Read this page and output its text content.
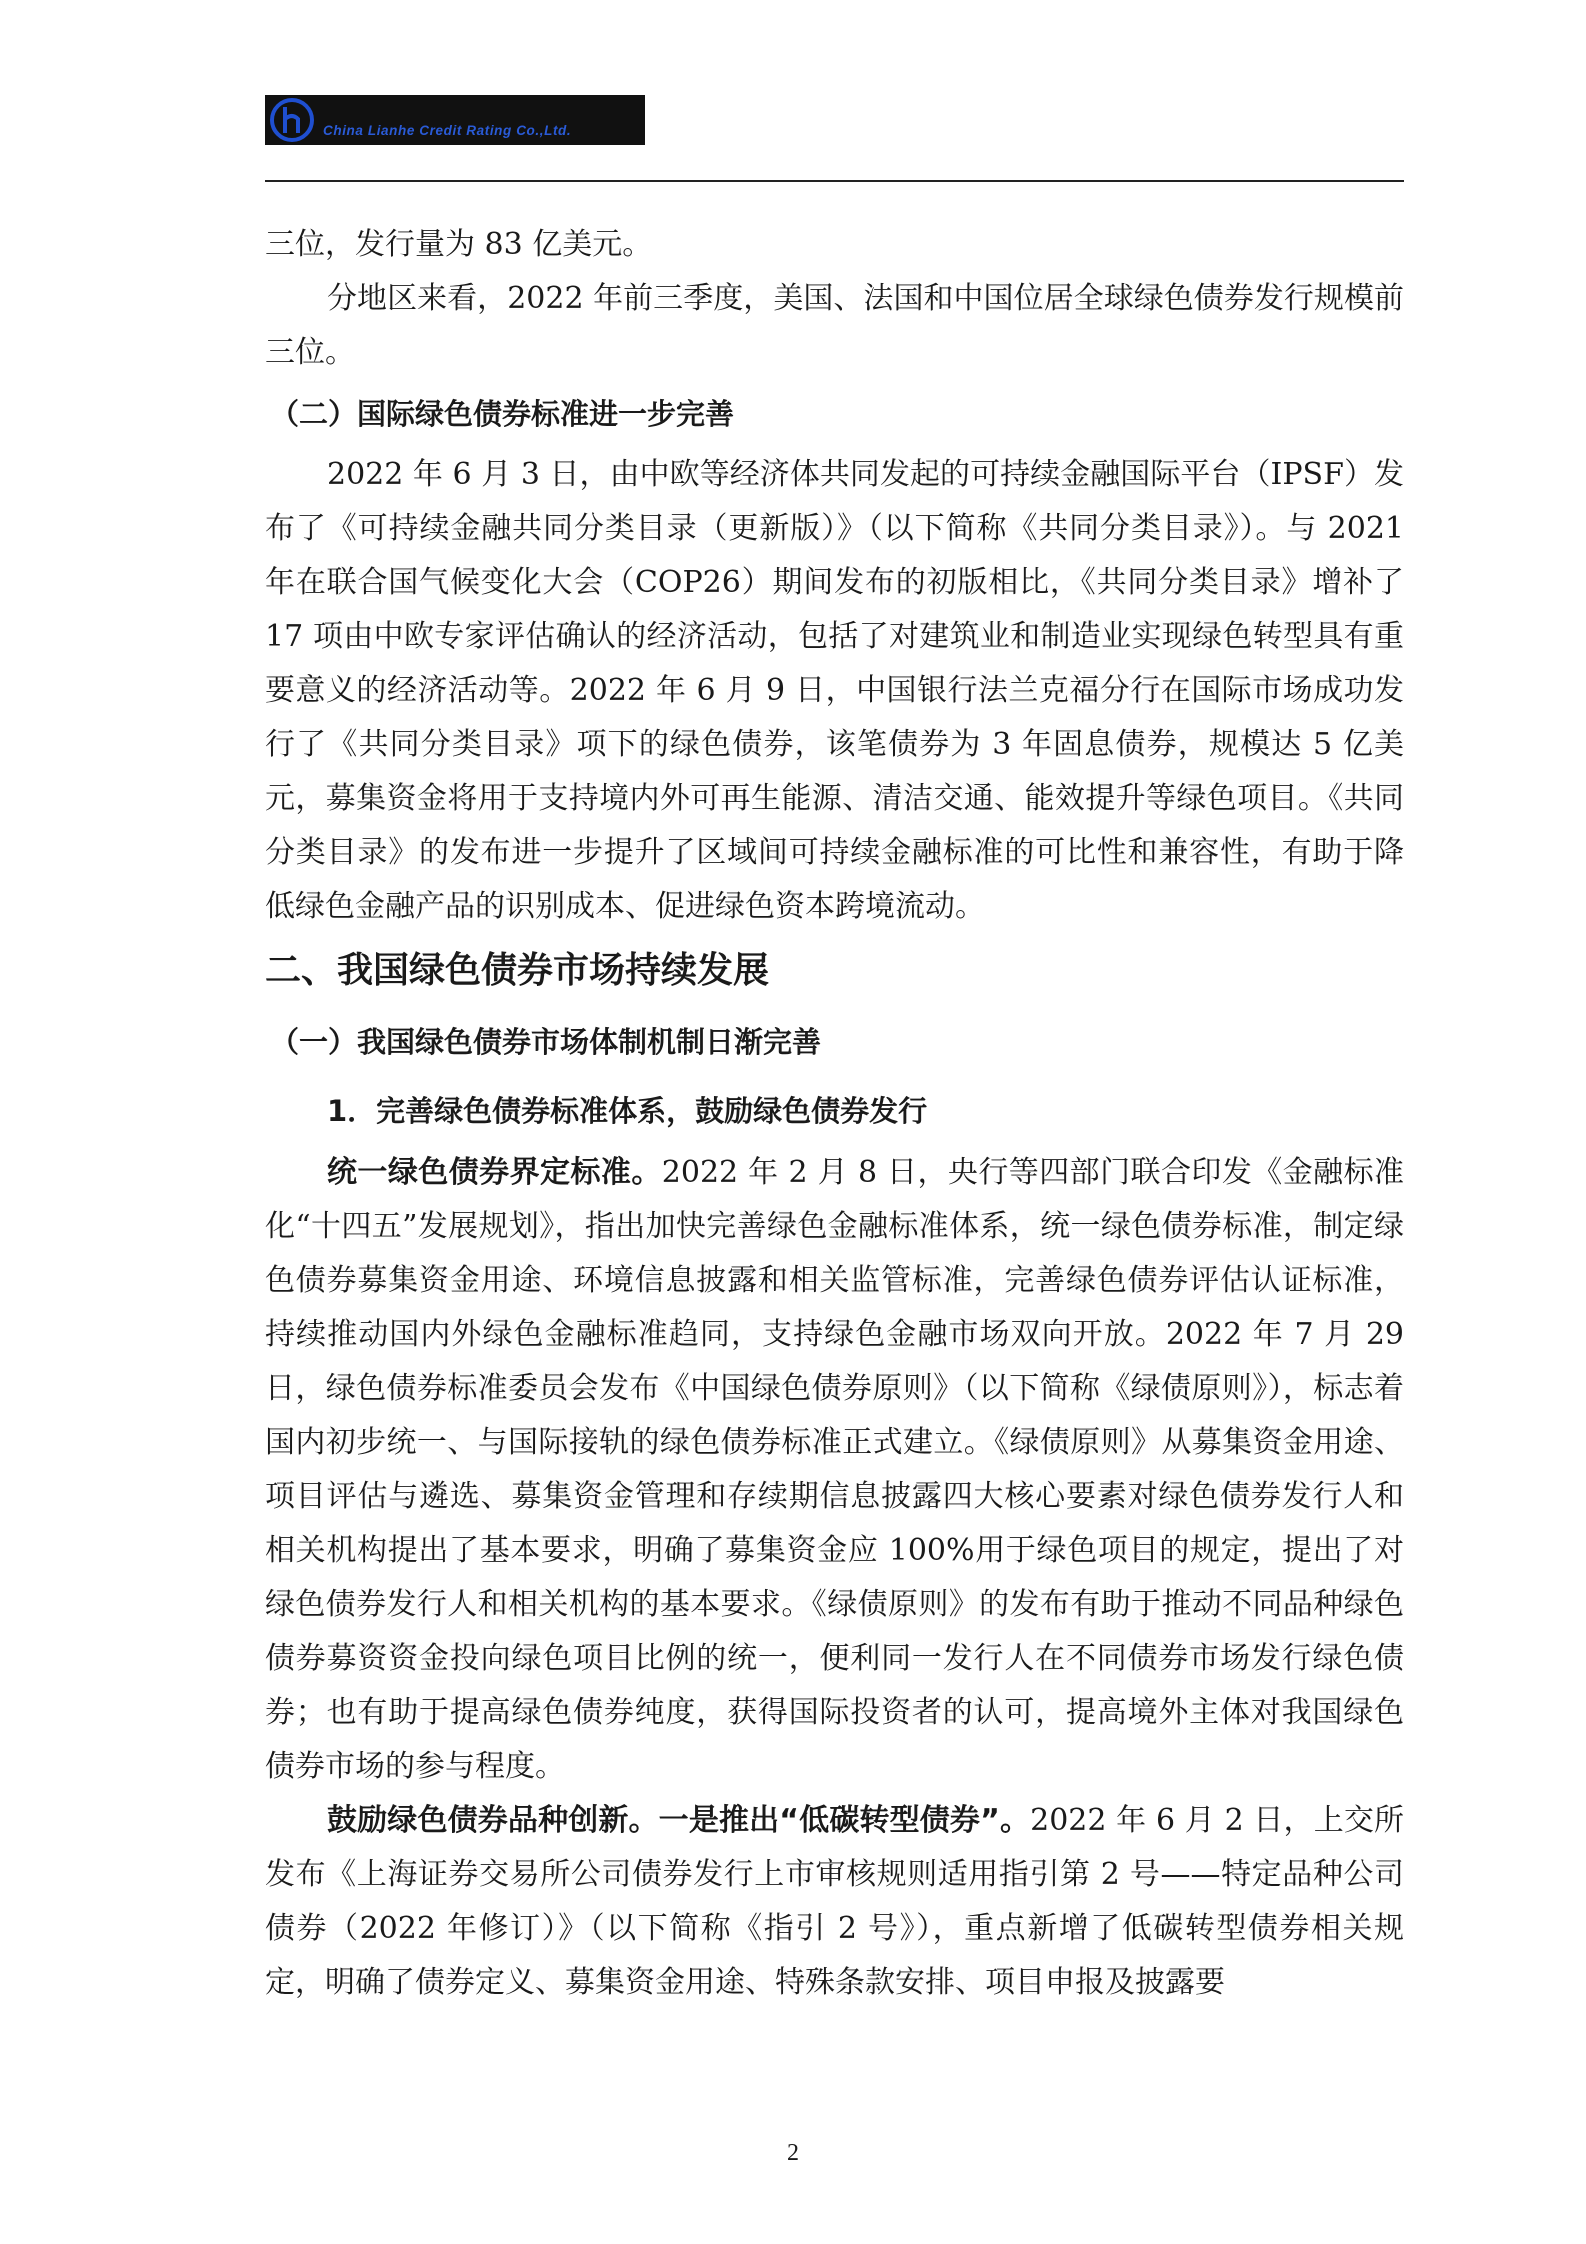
China Lianhe Credit Rating Co.,Ltd.

三位，发行量为 83 亿美元。

分地区来看，2022 年前三季度，美国、法国和中国位居全球绿色债券发行规模前三位。

（二）国际绿色债券标准进一步完善

2022 年 6 月 3 日，由中欧等经济体共同发起的可持续金融国际平台（IPSF）发布了《可持续金融共同分类目录（更新版）》（以下简称《共同分类目录》）。与 2021 年在联合国气候变化大会（COP26）期间发布的初版相比，《共同分类目录》增补了 17 项由中欧专家评估确认的经济活动，包括了对建筑业和制造业实现绿色转型具有重要意义的经济活动等。2022 年 6 月 9 日，中国银行法兰克福分行在国际市场成功发行了《共同分类目录》项下的绿色债券，该笔债券为 3 年固息债券，规模达 5 亿美元，募集资金将用于支持境内外可再生能源、清洁交通、能效提升等绿色项目。《共同分类目录》的发布进一步提升了区域间可持续金融标准的可比性和兼容性，有助于降低绿色金融产品的识别成本、促进绿色资本跨境流动。

二、我国绿色债券市场持续发展

（一）我国绿色债券市场体制机制日渐完善

1．完善绿色债券标准体系，鼓励绿色债券发行

统一绿色债券界定标准。2022 年 2 月 8 日，央行等四部门联合印发《金融标准化“十四五”发展规划》，指出加快完善绿色金融标准体系，统一绿色债券标准，制定绿色债券募集资金用途、环境信息披露和相关监管标准，完善绿色债券评估认证标准，持续推动国内外绿色金融标准趋同，支持绿色金融市场双向开放。2022 年 7 月 29 日，绿色债券标准委员会发布《中国绿色债券原则》（以下简称《绿债原则》），标志着国内初步统一、与国际接轨的绿色债券标准正式建立。《绿债原则》从募集资金用途、项目评估与遴选、募集资金管理和存续期信息披露四大核心要素对绿色债券发行人和相关机构提出了基本要求，明确了募集资金应 100%用于绿色项目的规定，提出了对绿色债券发行人和相关机构的基本要求。《绿债原则》的发布有助于推动不同品种绿色债券募资资金投向绿色项目比例的统一，便利同一发行人在不同债券市场发行绿色债券；也有助于提高绿色债券纯度，获得国际投资者的认可，提高境外主体对我国绿色债券市场的参与程度。

鼓励绿色债券品种创新。一是推出“低碳转型债券”。2022 年 6 月 2 日，上交所发布《上海证券交易所公司债券发行上市审核规则适用指引第 2 号——特定品种公司债券（2022 年修订）》（以下简称《指引 2 号》），重点新增了低碳转型债券相关规定，明确了债券定义、募集资金用途、特殊条款安排、项目申报及披露要

2
